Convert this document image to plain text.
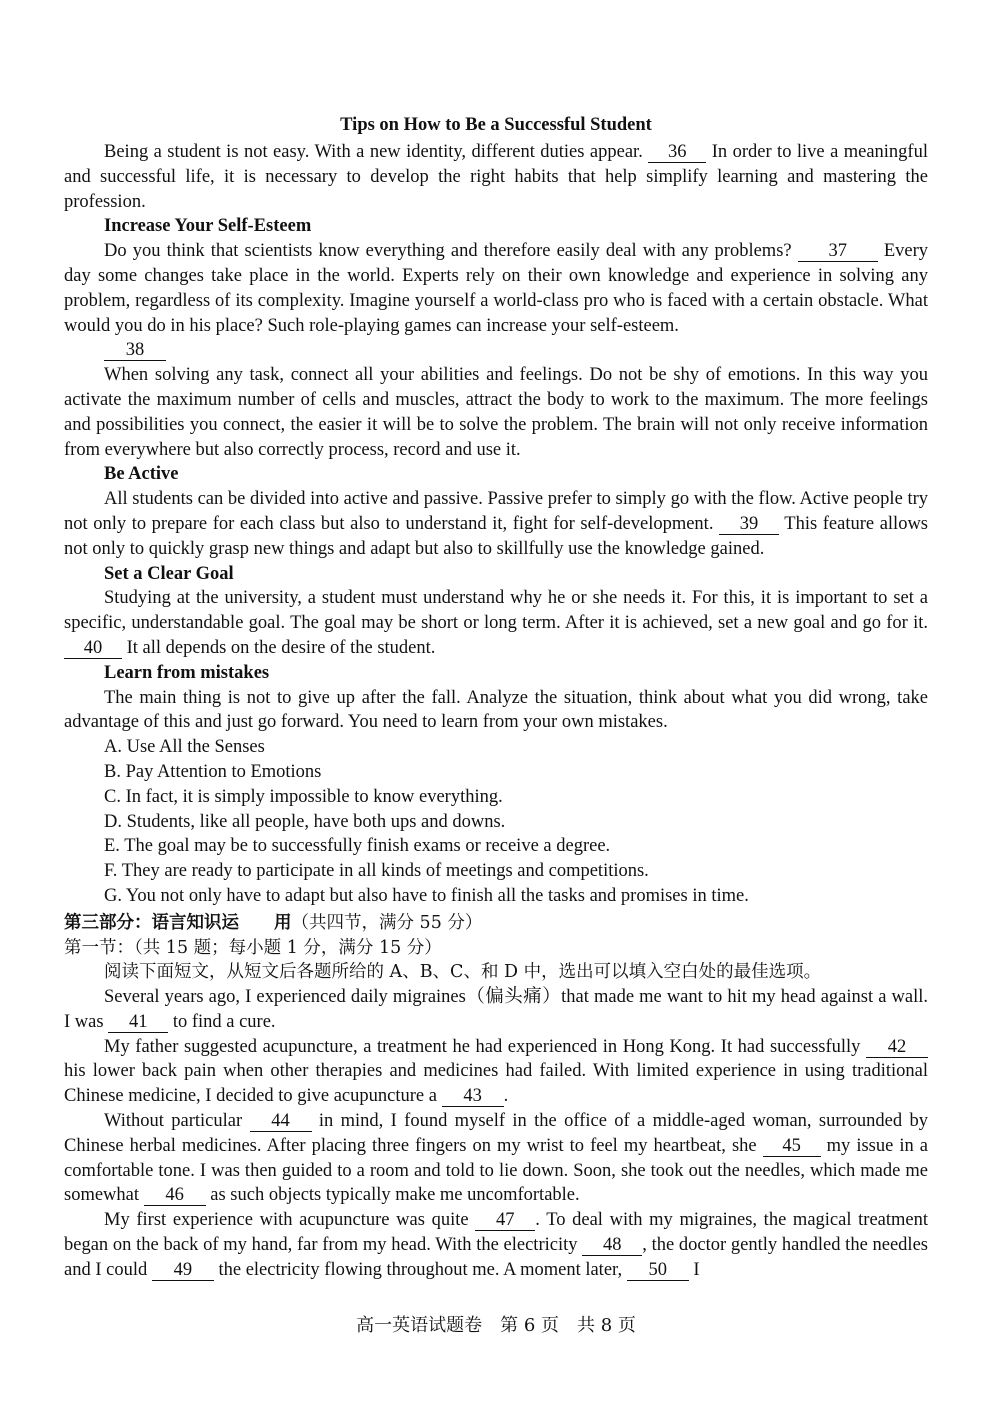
Tips on How to Be a Successful Student

Being a student is not easy. With a new identity, different duties appear. 36 In order to live a meaningful and successful life, it is necessary to develop the right habits that help simplify learning and mastering the profession.

Increase Your Self-Esteem

Do you think that scientists know everything and therefore easily deal with any problems? 37 Every day some changes take place in the world. Experts rely on their own knowledge and experience in solving any problem, regardless of its complexity. Imagine yourself a world-class pro who is faced with a certain obstacle. What would you do in his place? Such role-playing games can increase your self-esteem.

38

When solving any task, connect all your abilities and feelings. Do not be shy of emotions. In this way you activate the maximum number of cells and muscles, attract the body to work to the maximum. The more feelings and possibilities you connect, the easier it will be to solve the problem. The brain will not only receive information from everywhere but also correctly process, record and use it.

Be Active

All students can be divided into active and passive. Passive prefer to simply go with the flow. Active people try not only to prepare for each class but also to understand it, fight for self-development. 39 This feature allows not only to quickly grasp new things and adapt but also to skillfully use the knowledge gained.

Set a Clear Goal

Studying at the university, a student must understand why he or she needs it. For this, it is important to set a specific, understandable goal. The goal may be short or long term. After it is achieved, set a new goal and go for it. 40 It all depends on the desire of the student.

Learn from mistakes

The main thing is not to give up after the fall. Analyze the situation, think about what you did wrong, take advantage of this and just go forward. You need to learn from your own mistakes.

A. Use All the Senses

B. Pay Attention to Emotions

C. In fact, it is simply impossible to know everything.

D. Students, like all people, have both ups and downs.

E. The goal may be to successfully finish exams or receive a degree.

F. They are ready to participate in all kinds of meetings and competitions.

G. You not only have to adapt but also have to finish all the tasks and promises in time.

第三部分：语言知识运　　用（共四节，满分 55 分）

第一节：（共 15 题；每小题 1 分，满分 15 分）

阅读下面短文，从短文后各题所给的 A、B、C、和 D 中，选出可以填入空白处的最佳选项。

Several years ago, I experienced daily migraines（偏头痛）that made me want to hit my head against a wall. I was 41 to find a cure.

My father suggested acupuncture, a treatment he had experienced in Hong Kong. It had successfully 42 his lower back pain when other therapies and medicines had failed. With limited experience in using traditional Chinese medicine, I decided to give acupuncture a 43 .

Without particular 44 in mind, I found myself in the office of a middle-aged woman, surrounded by Chinese herbal medicines. After placing three fingers on my wrist to feel my heartbeat, she 45 my issue in a comfortable tone. I was then guided to a room and told to lie down. Soon, she took out the needles, which made me somewhat 46 as such objects typically make me uncomfortable.

My first experience with acupuncture was quite 47 . To deal with my migraines, the magical treatment began on the back of my hand, far from my head. With the electricity 48 , the doctor gently handled the needles and I could 49 the electricity flowing throughout me. A moment later, 50 I

高一英语试题卷　第 6 页　共 8 页
